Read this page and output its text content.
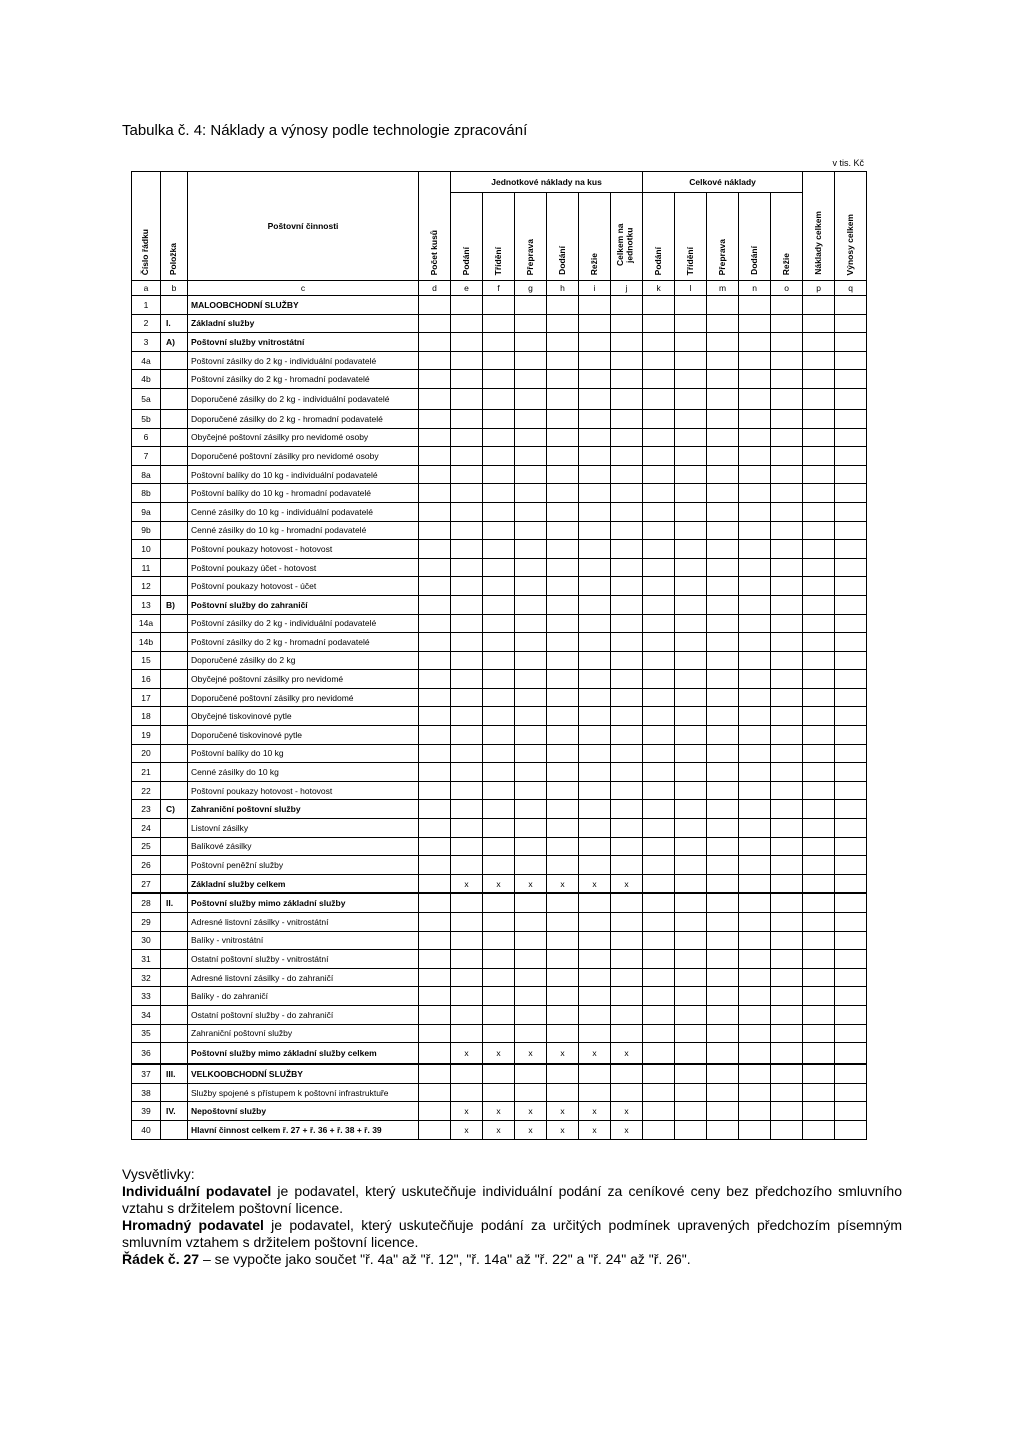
Tabulka č. 4: Náklady a výnosy podle technologie zpracování
v tis. Kč
Číslo řádku	Položka	Poštovní činnosti	Počet kusů	Jednotkové náklady na kus						Celkové náklady					Náklady celkem	Výnosy celkem
				Podání	Třídění	Přeprava	Dodání	Režie	Celkem na jednotku	Podání	Třídění	Přeprava	Dodání	Režie		
a	b	c	d	e	f	g	h	i	j	k	l	m	n	o	p	q
1		MALOOBCHODNÍ SLUŽBY														
2	I.	Základní služby														
3	A)	Poštovní služby vnitrostátní														
4a		Poštovní zásilky do 2 kg - individuální podavatelé														
4b		Poštovní zásilky do 2 kg - hromadní podavatelé														
5a		Doporučené zásilky do 2 kg - individuální podavatelé														
5b		Doporučené zásilky do 2 kg - hromadní podavatelé														
6		Obyčejné poštovní zásilky pro nevidomé osoby														
7		Doporučené poštovní zásilky pro nevidomé osoby														
8a		Poštovní balíky do 10 kg - individuální podavatelé														
8b		Poštovní balíky do 10 kg - hromadní podavatelé														
9a		Cenné zásilky do 10 kg - individuální podavatelé														
9b		Cenné zásilky do 10 kg - hromadní podavatelé														
10		Poštovní poukazy hotovost - hotovost														
11		Poštovní poukazy účet - hotovost														
12		Poštovní poukazy hotovost - účet														
13	B)	Poštovní služby do zahraničí														
14a		Poštovní zásilky do 2 kg - individuální podavatelé														
14b		Poštovní zásilky do 2 kg - hromadní podavatelé														
15		Doporučené zásilky do 2 kg														
16		Obyčejné poštovní zásilky pro nevidomé														
17		Doporučené poštovní zásilky pro nevidomé														
18		Obyčejné tiskovinové pytle														
19		Doporučené tiskovinové pytle														
20		Poštovní balíky do 10 kg														
21		Cenné zásilky do 10 kg														
22		Poštovní poukazy hotovost - hotovost														
23	C)	Zahraniční poštovní služby														
24		Listovní zásilky														
25		Balíkové zásilky														
26		Poštovní peněžní služby														
27		Základní služby celkem		x	x	x	x	x	x							
28	II.	Poštovní služby mimo základní služby														
29		Adresné listovní zásilky - vnitrostátní														
30		Balíky - vnitrostátní														
31		Ostatní poštovní služby - vnitrostátní														
32		Adresné listovní zásilky - do zahraničí														
33		Balíky - do zahraničí														
34		Ostatní poštovní služby - do zahraničí														
35		Zahraniční poštovní služby														
36		Poštovní služby mimo základní služby celkem		x	x	x	x	x	x							
37	III.	VELKOOBCHODNÍ SLUŽBY														
38		Služby spojené s přístupem k poštovní infrastruktuře														
39	IV.	Nepoštovní služby		x	x	x	x	x	x							
40		Hlavní činnost celkem ř. 27 + ř. 36 + ř. 38 + ř. 39		x	x	x	x	x	x							

Vysvětlivky:

Individuální podavatel je podavatel, který uskutečňuje individuální podání za ceníkové ceny bez předchozího smluvního vztahu s držitelem poštovní licence.

Hromadný podavatel je podavatel, který uskutečňuje podání za určitých podmínek upravených předchozím písemným smluvním vztahem s držitelem poštovní licence.

Řádek č. 27 – se vypočte jako součet "ř. 4a" až "ř. 12", "ř. 14a" až "ř. 22" a "ř. 24" až "ř. 26".
